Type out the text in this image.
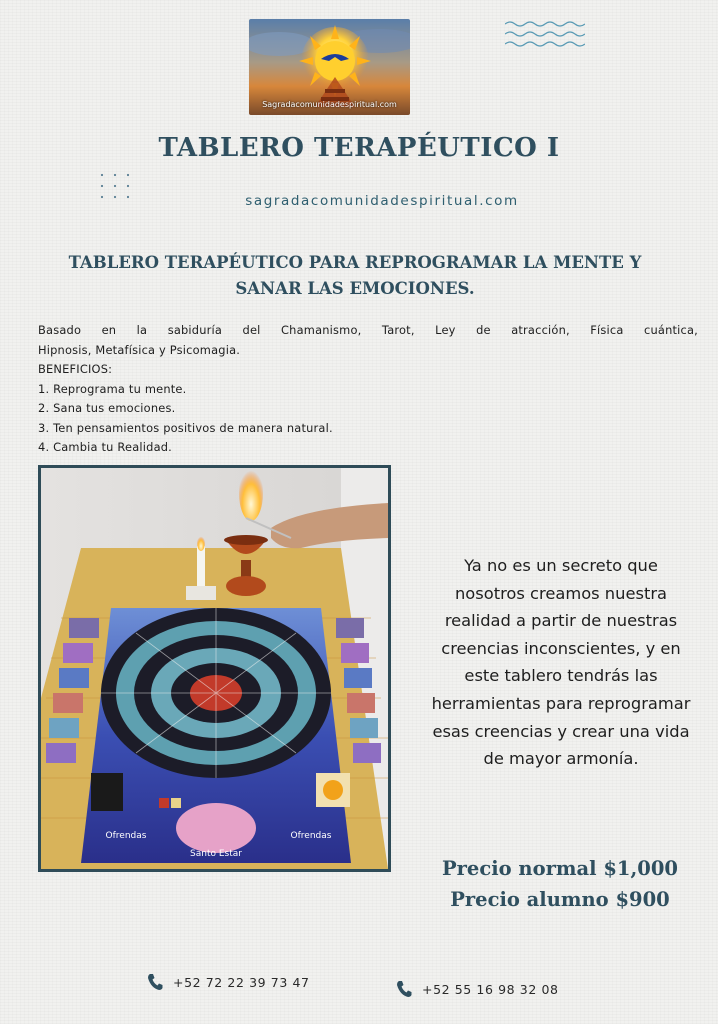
Sagradacomunidadespiritual.com
TABLERO TERAPÉUTICO I
sagradacomunidadespiritual.com
TABLERO TERAPÉUTICO PARA REPROGRAMAR LA MENTE Y
SANAR LAS EMOCIONES.
Basado en la sabiduría del Chamanismo, Tarot, Ley de atracción, Física cuántica,
Hipnosis, Metafísica y Psicomagia.
BENEFICIOS:
1. Reprograma tu mente.
2. Sana tus emociones.
3. Ten pensamientos positivos de manera natural.
4. Cambia tu Realidad.
Santo Estar
Ofrendas	Ofrendas
Ya no es un secreto que
nosotros creamos nuestra
realidad a partir de nuestras
creencias inconscientes, y en
este tablero tendrás las
herramientas para reprogramar
esas creencias y crear una vida
de mayor armonía.
Precio normal $1,000
Precio alumno $900
+52 72 22 39 73 47	+52 55 16 98 32 08
